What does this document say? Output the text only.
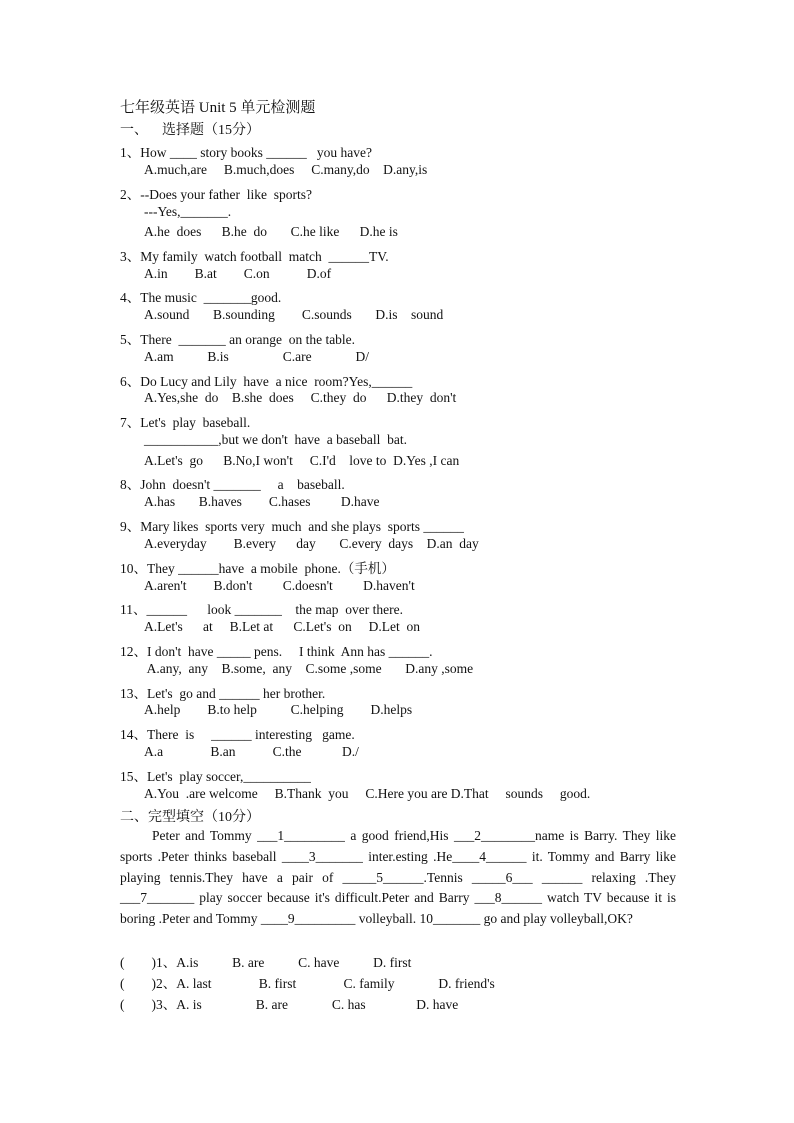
七年级英语 Unit 5 单元检测题
一、    选择题（15分）
1、How ____ story books ______   you have?
A.much,are     B.much,does     C.many,do    D.any,is
2、--Does your father  like  sports?
---Yes,_______.
A.he  does      B.he  do       C.he like      D.he is
3、My family  watch football  match  ______TV.
A.in        B.at        C.on           D.of
4、The music  _______good.
A.sound       B.sounding        C.sounds       D.is    sound
5、There  _______ an orange  on the table.
A.am          B.is                C.are             D/
6、Do Lucy and Lily  have  a nice  room?Yes,______
A.Yes,she  do    B.she  does     C.they  do      D.they  don't
7、Let's  play  baseball.
___________,but we don't  have  a baseball  bat.
A.Let's  go      B.No,I won't     C.I'd    love to  D.Yes ,I can
8、John  doesn't _______     a    baseball.
A.has       B.haves        C.hases         D.have
9、Mary likes  sports very  much  and she plays  sports ______
A.everyday        B.every      day       C.every  days    D.an  day
10、They ______have  a mobile  phone.（手机）
A.aren't        B.don't         C.doesn't         D.haven't
11、______      look _______    the map  over there.
A.Let's      at     B.Let at      C.Let's  on     D.Let  on
12、I don't  have _____ pens.     I think  Ann has ______.
A.any,  any    B.some,  any    C.some ,some       D.any ,some
13、Let's  go and ______ her brother.
A.help        B.to help          C.helping        D.helps
14、There  is     ______ interesting   game.
A.a              B.an           C.the            D./
15、Let's  play soccer,__________
A.You  .are welcome     B.Thank  you     C.Here you are D.That     sounds     good.
二、完型填空（10分）

Peter and Tommy ___1_________ a good friend,His ___2________name is Barry. They like sports .Peter thinks baseball ____3_______ inter.esting .He____4______ it. Tommy and Barry like playing tennis.They have a pair of _____5______.Tennis _____6___ ______ relaxing .They ___7_______ play soccer because it's difficult.Peter and Barry ___8______ watch TV because it is boring .Peter and Tommy ____9_________ volleyball. 10_______ go and play volleyball,OK?

(        )1、A.is          B. are          C. have          D. first
(        )2、A. last              B. first              C. family             D. friend's
(        )3、A. is                B. are             C. has               D. have
